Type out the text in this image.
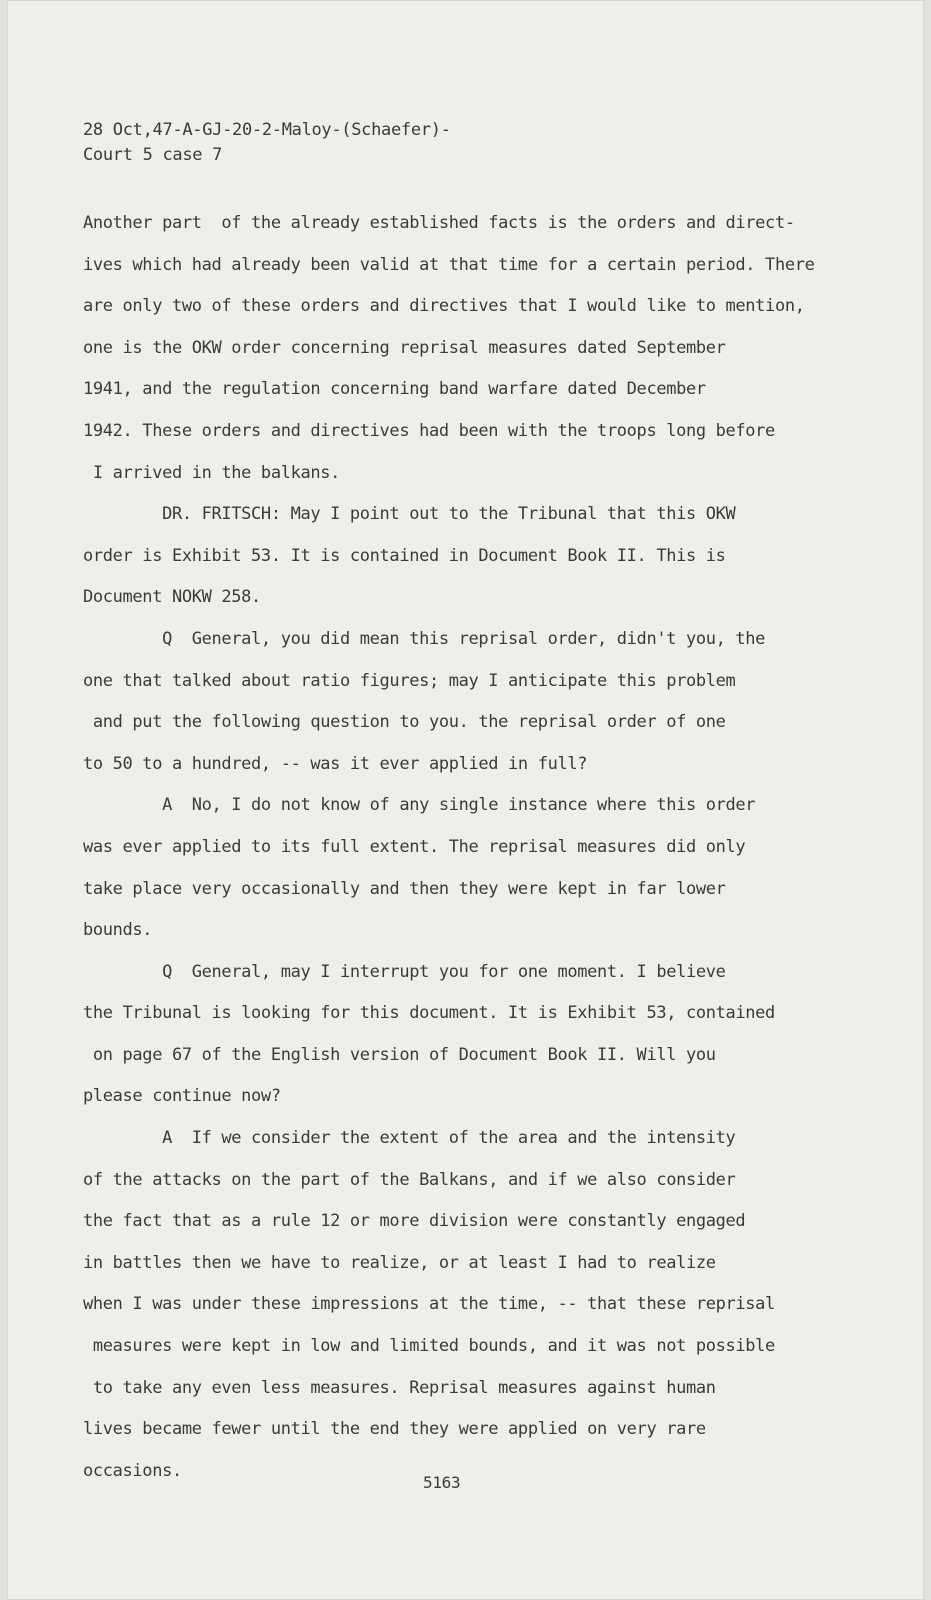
28 Oct,47-A-GJ-20-2-Maloy-(Schaefer)-
Court 5 case 7
Another part  of the already established facts is the orders and direct-
ives which had already been valid at that time for a certain period. There
are only two of these orders and directives that I would like to mention,
one is the OKW order concerning reprisal measures dated September
1941, and the regulation concerning band warfare dated December
1942. These orders and directives had been with the troops long before
I arrived in the balkans.
DR. FRITSCH: May I point out to the Tribunal that this OKW
order is Exhibit 53. It is contained in Document Book II. This is
Document NOKW 258.
Q  General, you did mean this reprisal order, didn't you, the
one that talked about ratio figures; may I anticipate this problem
and put the following question to you. the reprisal order of one
to 50 to a hundred, -- was it ever applied in full?
A  No, I do not know of any single instance where this order
was ever applied to its full extent. The reprisal measures did only
take place very occasionally and then they were kept in far lower
bounds.
Q  General, may I interrupt you for one moment. I believe
the Tribunal is looking for this document. It is Exhibit 53, contained
on page 67 of the English version of Document Book II. Will you
please continue now?
A  If we consider the extent of the area and the intensity
of the attacks on the part of the Balkans, and if we also consider
the fact that as a rule 12 or more division were constantly engaged
in battles then we have to realize, or at least I had to realize
when I was under these impressions at the time, -- that these reprisal
measures were kept in low and limited bounds, and it was not possible
to take any even less measures. Reprisal measures against human
lives became fewer until the end they were applied on very rare
occasions.
5163
